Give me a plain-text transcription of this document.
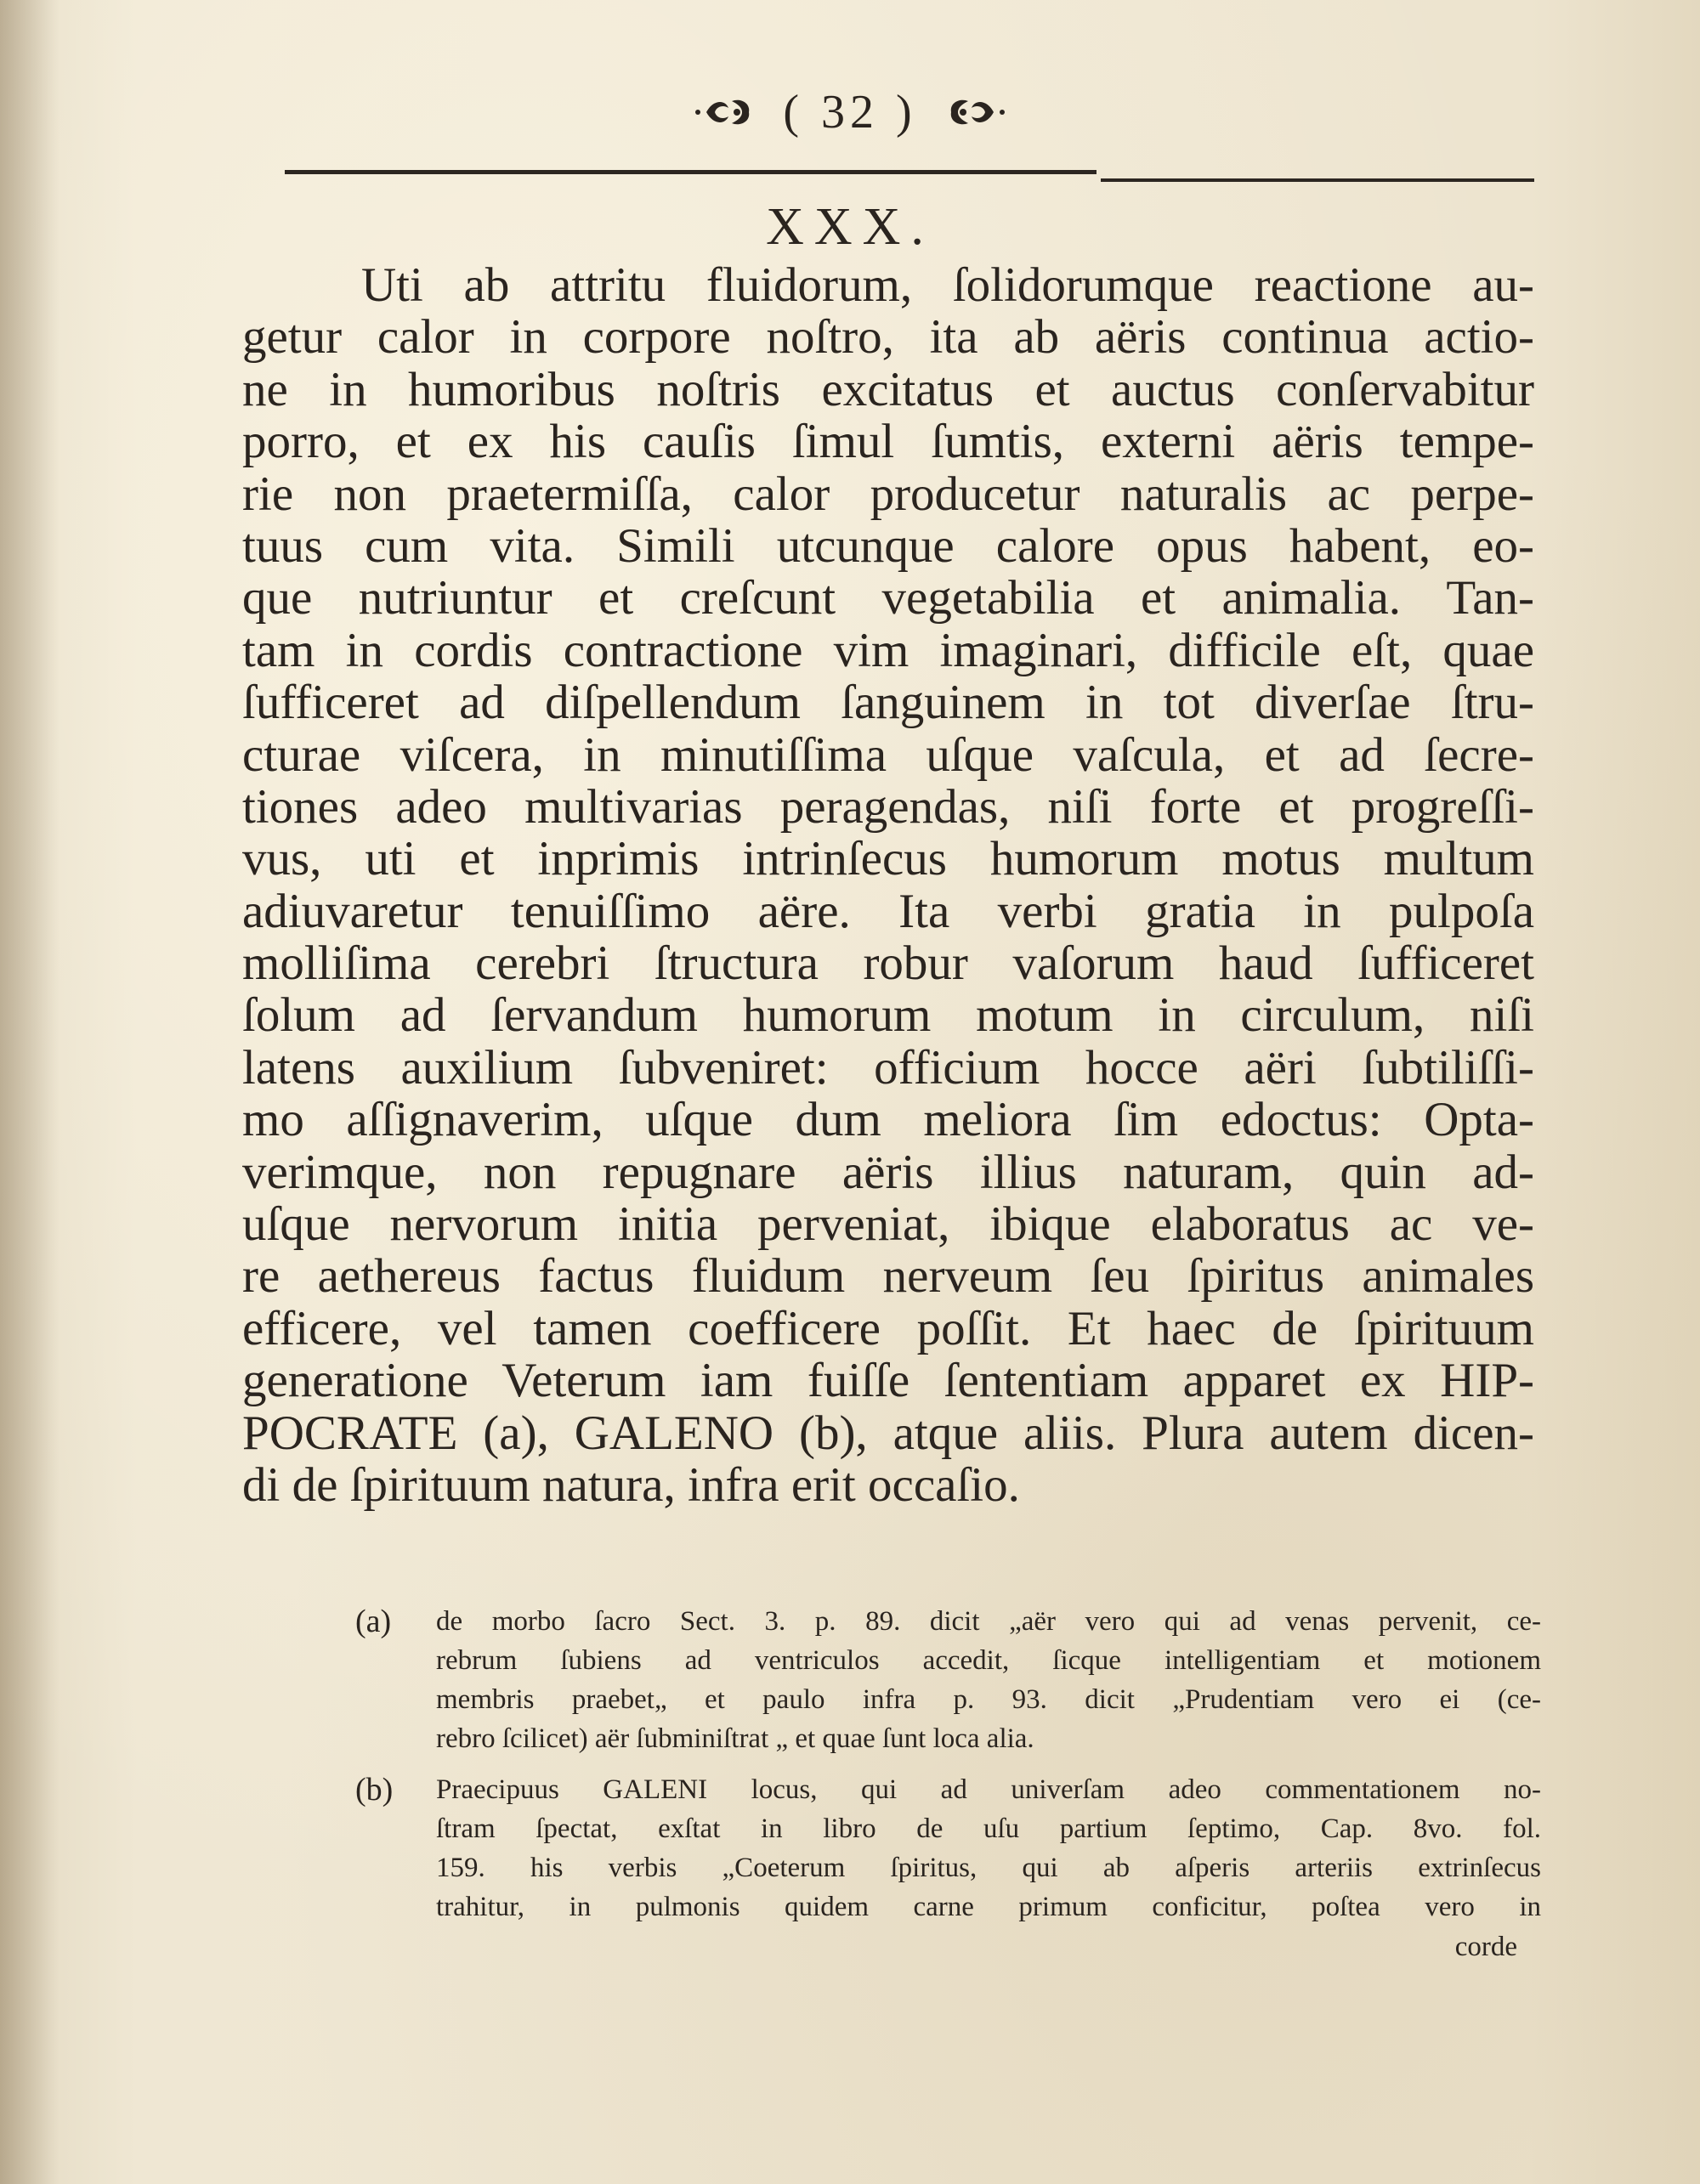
( 32 )
XXX.
Uti ab attritu fluidorum, ſolidorumque reactione au-
getur calor in corpore noſtro, ita ab aëris continua actio-
ne in humoribus noſtris excitatus et auctus conſervabitur
porro, et ex his cauſis ſimul ſumtis, externi aëris tempe-
rie non praetermiſſa, calor producetur naturalis ac perpe-
tuus cum vita. Simili utcunque calore opus habent, eo-
que nutriuntur et creſcunt vegetabilia et animalia. Tan-
tam in cordis contractione vim imaginari, difficile eſt, quae
ſufficeret ad diſpellendum ſanguinem in tot diverſae ſtru-
cturae viſcera, in minutiſſima uſque vaſcula, et ad ſecre-
tiones adeo multivarias peragendas, niſi forte et progreſſi-
vus, uti et inprimis intrinſecus humorum motus multum
adiuvaretur tenuiſſimo aëre. Ita verbi gratia in pulpoſa
molliſima cerebri ſtructura robur vaſorum haud ſufficeret
ſolum ad ſervandum humorum motum in circulum, niſi
latens auxilium ſubveniret: officium hocce aëri ſubtiliſſi-
mo aſſignaverim, uſque dum meliora ſim edoctus: Opta-
verimque, non repugnare aëris illius naturam, quin ad-
uſque nervorum initia perveniat, ibique elaboratus ac ve-
re aethereus factus fluidum nerveum ſeu ſpiritus animales
efficere, vel tamen coefficere poſſit. Et haec de ſpirituum
generatione Veterum iam fuiſſe ſententiam apparet ex HIP-
POCRATE (a), GALENO (b), atque aliis. Plura autem dicen-
di de ſpirituum natura, infra erit occaſio.
(a) de morbo ſacro Sect. 3. p. 89. dicit „aër vero qui ad venas pervenit, ce-
rebrum ſubiens ad ventriculos accedit, ſicque intelligentiam et motionem
membris praebet„ et paulo infra p. 93. dicit „Prudentiam vero ei (ce-
rebro ſcilicet) aër ſubminiſtrat „ et quae ſunt loca alia.
(b) Praecipuus GALENI locus, qui ad univerſam adeo commentationem no-
ſtram ſpectat, exſtat in libro de uſu partium ſeptimo, Cap. 8vo. fol.
159. his verbis „Coeterum ſpiritus, qui ab aſperis arteriis extrinſecus
trahitur, in pulmonis quidem carne primum conficitur, poſtea vero in
corde
